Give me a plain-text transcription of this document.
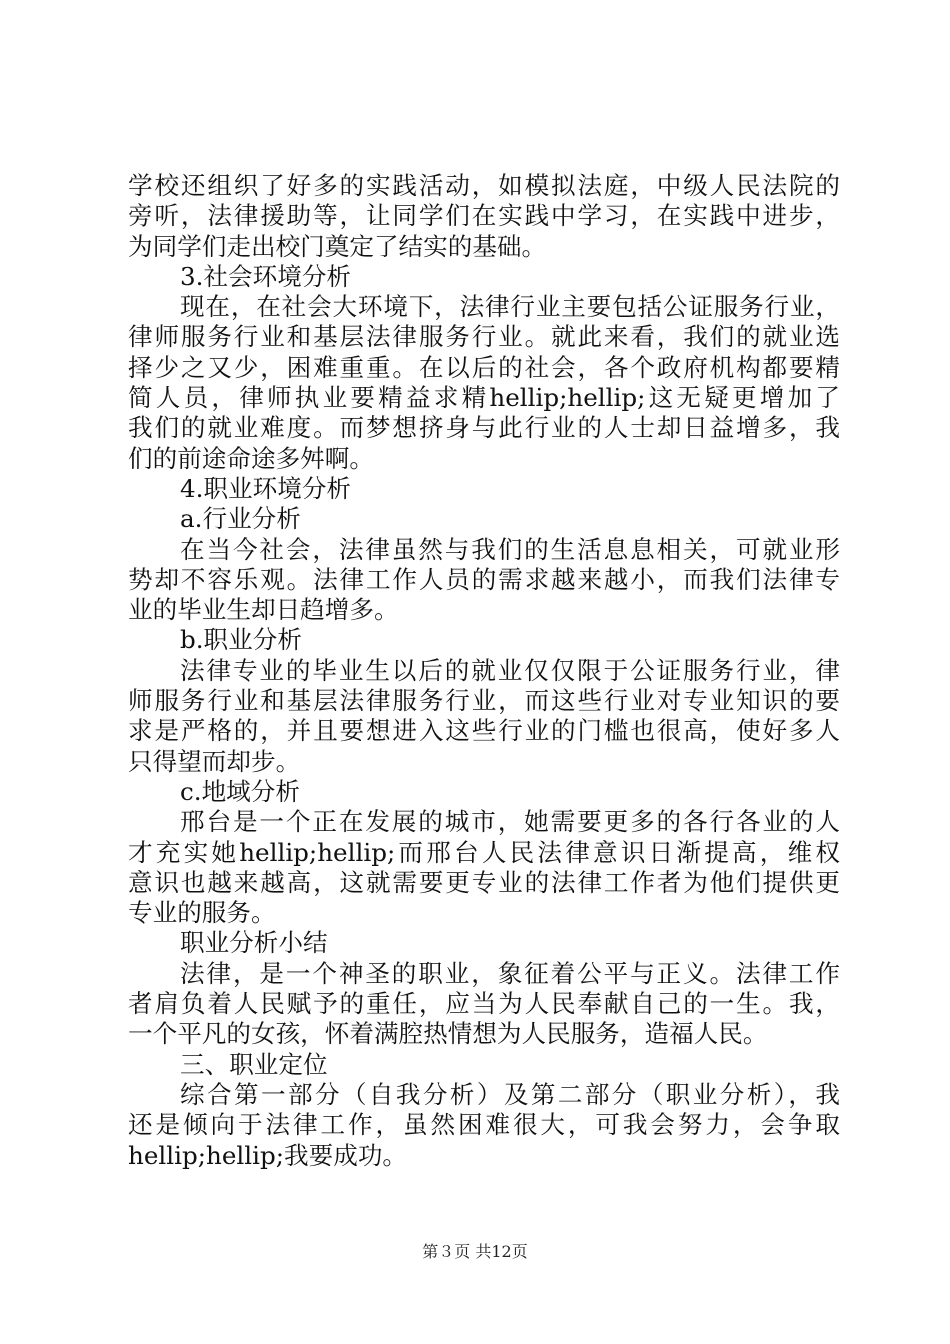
学校还组织了好多的实践活动，如模拟法庭，中级人民法院的
旁听，法律援助等，让同学们在实践中学习，在实践中进步，
为同学们走出校门奠定了结实的基础。
3.社会环境分析
现在，在社会大环境下，法律行业主要包括公证服务行业，
律师服务行业和基层法律服务行业。就此来看，我们的就业选
择少之又少，困难重重。在以后的社会，各个政府机构都要精
简人员，律师执业要精益求精hellip;hellip;这无疑更增加了
我们的就业难度。而梦想挤身与此行业的人士却日益增多，我
们的前途命途多舛啊。
4.职业环境分析
a.行业分析
在当今社会，法律虽然与我们的生活息息相关，可就业形
势却不容乐观。法律工作人员的需求越来越小，而我们法律专
业的毕业生却日趋增多。
b.职业分析
法律专业的毕业生以后的就业仅仅限于公证服务行业，律
师服务行业和基层法律服务行业，而这些行业对专业知识的要
求是严格的，并且要想进入这些行业的门槛也很高，使好多人
只得望而却步。
c.地域分析
邢台是一个正在发展的城市，她需要更多的各行各业的人
才充实她hellip;hellip;而邢台人民法律意识日渐提高，维权
意识也越来越高，这就需要更专业的法律工作者为他们提供更
专业的服务。
职业分析小结
法律，是一个神圣的职业，象征着公平与正义。法律工作
者肩负着人民赋予的重任，应当为人民奉献自己的一生。我，
一个平凡的女孩，怀着满腔热情想为人民服务，造福人民。
三、职业定位
综合第一部分（自我分析）及第二部分（职业分析），我
还是倾向于法律工作，虽然困难很大，可我会努力，会争取
hellip;hellip;我要成功。
第３页 共12页
